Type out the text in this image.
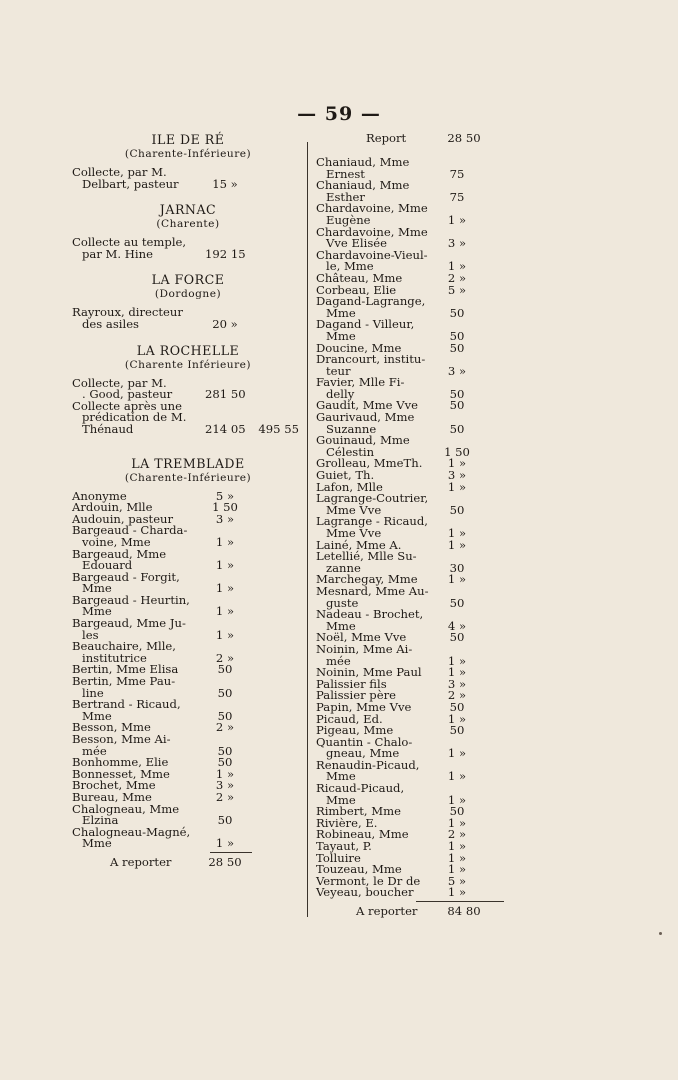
— 59 —
ILE DE RÉ
(Charente-Inférieure)
Collecte, par M.
Delbart, pasteur	15 »
JARNAC
(Charente)
Collecte au temple,
par M. Hine	192 15
LA FORCE
(Dordogne)
Rayroux, directeur
des asiles	20 »
LA ROCHELLE
(Charente Inférieure)
Collecte, par M.
. Good, pasteur	281 50
Collecte après une
prédication de M.
Thénaud	214 05	495 55
LA TREMBLADE
(Charente-Inférieure)
Anonyme	5 »
Ardouin, Mlle	1 50
Audouin, pasteur	3 »
Bargeaud - Charda-
voine, Mme	1 »
Bargeaud, Mme
Edouard	1 »
Bargeaud - Forgit,
Mme	1 »
Bargeaud - Heurtin,
Mme	1 »
Bargeaud, Mme Ju-
les	1 »
Beauchaire, Mlle,
institutrice	2 »
Bertin, Mme Elisa	50
Bertin, Mme Pau-
line	50
Bertrand - Ricaud,
Mme	50
Besson, Mme	2 »
Besson, Mme Ai-
mée	50
Bonhomme, Elie	50
Bonnesset, Mme	1 »
Brochet, Mme	3 »
Bureau, Mme	2 »
Chalogneau, Mme
Elzina	50
Chalogneau-Magné,
Mme	1 »
A reporter	28 50
Report	28 50
Chaniaud, Mme
Ernest	75
Chaniaud, Mme
Esther	75
Chardavoine, Mme
Eugène	1 »
Chardavoine, Mme
Vve Elisée	3 »
Chardavoine-Vieul-
le, Mme	1 »
Château, Mme	2 »
Corbeau, Elie	5 »
Dagand-Lagrange,
Mme	50
Dagand - Villeur,
Mme	50
Doucine, Mme	50
Drancourt, institu-
teur	3 »
Favier, Mlle Fi-
delly	50
Gaudit, Mme Vve	50
Gaurivaud, Mme
Suzanne	50
Gouinaud, Mme
Célestin	1 50
Grolleau, MmeTh.	1 »
Guiet, Th.	3 »
Lafon, Mlle	1 »
Lagrange-Coutrier,
Mme Vve	50
Lagrange - Ricaud,
Mme Vve	1 »
Lainé, Mme A.	1 »
Letellié, Mlle Su-
zanne	30
Marchegay, Mme	1 »
Mesnard, Mme Au-
guste	50
Nadeau - Brochet,
Mme	4 »
Noël, Mme Vve	50
Noinin, Mme Ai-
mée	1 »
Noinin, Mme Paul	1 »
Palissier fils	3 »
Palissier père	2 »
Papin, Mme Vve	50
Picaud, Ed.	1 »
Pigeau, Mme	50
Quantin - Chalo-
gneau, Mme	1 »
Renaudin-Picaud,
Mme	1 »
Ricaud-Picaud,
Mme	1 »
Rimbert, Mme	50
Rivière, E.	1 »
Robineau, Mme	2 »
Tayaut, P.	1 »
Tolluire	1 »
Touzeau, Mme	1 »
Vermont, le Dr de	5 »
Veyeau, boucher	1 »
A reporter	84 80
